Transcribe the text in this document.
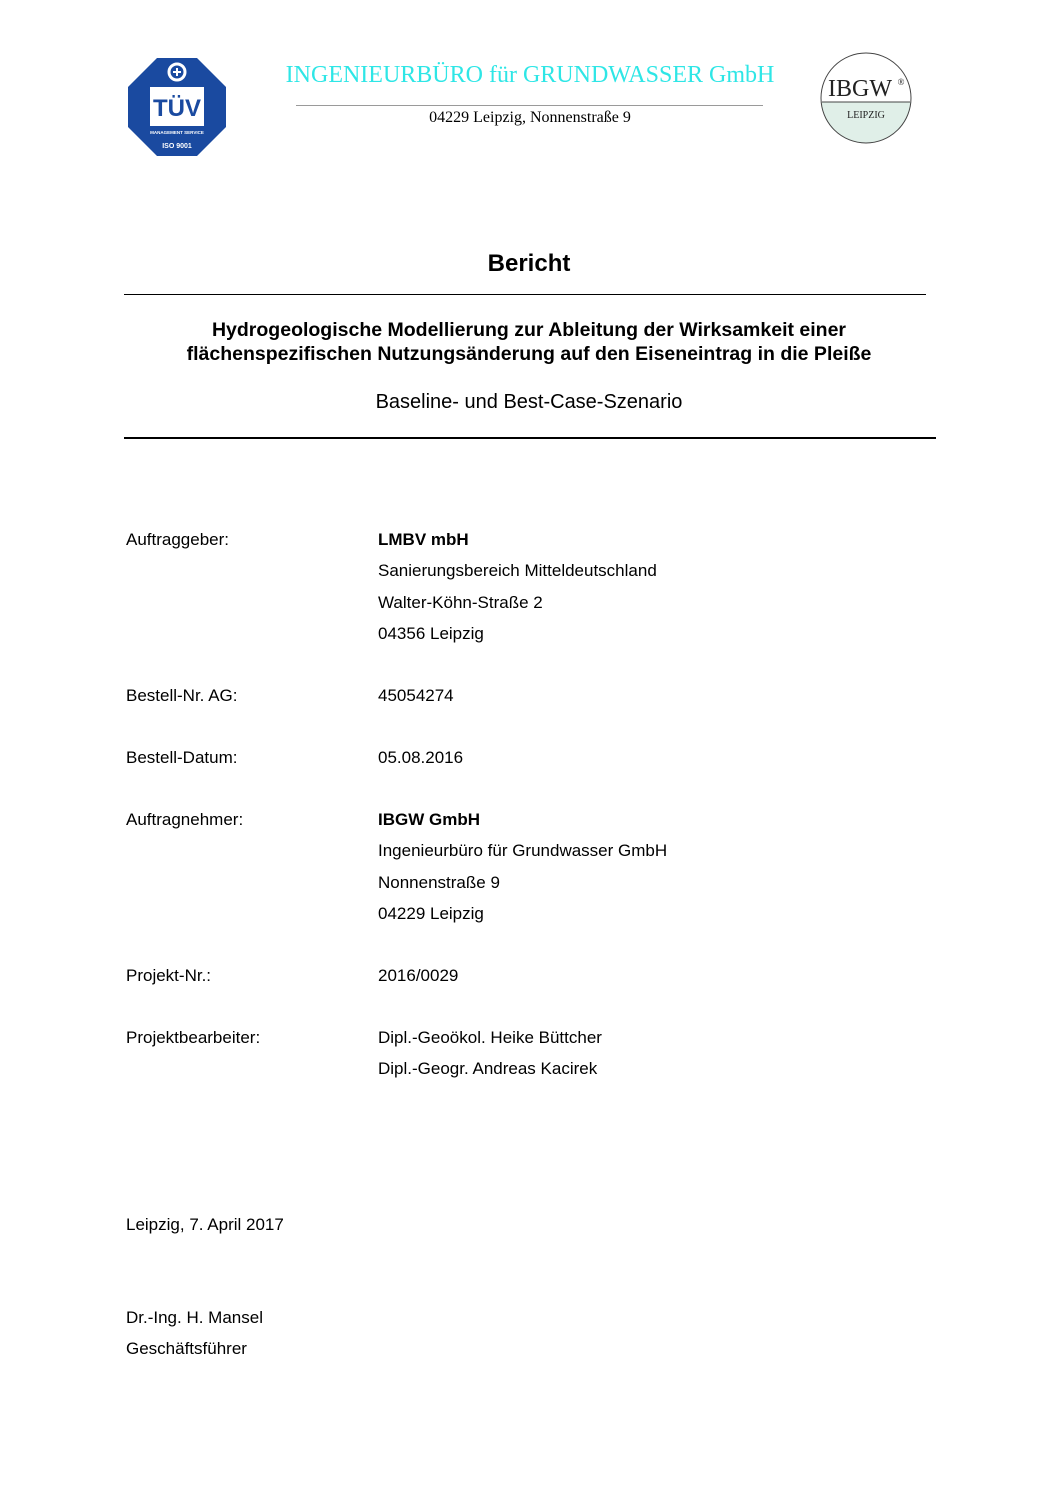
TÜV
MANAGEMENT SERVICE
ISO 9001
INGENIEURBÜRO für GRUNDWASSER GmbH
04229 Leipzig, Nonnenstraße 9
IBGW ®
LEIPZIG
Bericht
Hydrogeologische Modellierung zur Ableitung der Wirksamkeit einer
flächenspezifischen Nutzungsänderung auf den Eiseneintrag in die Pleiße
Baseline- und Best-Case-Szenario
Auftraggeber:	LMBV mbH
Sanierungsbereich Mitteldeutschland
Walter-Köhn-Straße 2
04356 Leipzig
Bestell-Nr. AG:	45054274
Bestell-Datum:	05.08.2016
Auftragnehmer:	IBGW GmbH
Ingenieurbüro für Grundwasser GmbH
Nonnenstraße 9
04229 Leipzig
Projekt-Nr.:	2016/0029
Projektbearbeiter:	Dipl.-Geoökol. Heike Büttcher
Dipl.-Geogr. Andreas Kacirek
Leipzig, 7. April 2017
Dr.-Ing. H. Mansel
Geschäftsführer
